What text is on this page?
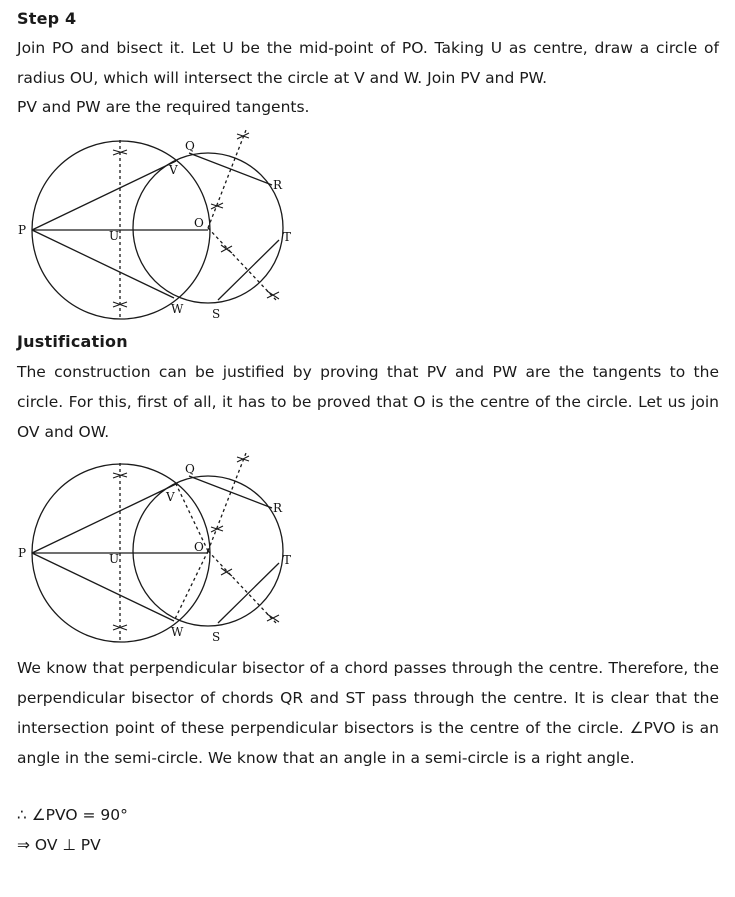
Step 4
Join PO and bisect it. Let U be the mid-point of PO. Taking U as centre, draw a circle of radius OU, which will intersect the circle at V and W. Join PV and PW.
PV and PW are the required tangents.
P	U
V
Q
R
O
T
W S
Justification
The construction can be justified by proving that PV and PW are the tangents to the circle. For this, first of all, it has to be proved that O is the centre of the circle. Let us join OV and OW.
P	U
V
Q
R
O
T
W S
We know that perpendicular bisector of a chord passes through the centre. Therefore, the perpendicular bisector of chords QR and ST pass through the centre. It is clear that the intersection point of these perpendicular bisectors is the centre of the circle. ∠PVO is an angle in the semi-circle. We know that an angle in a semi-circle is a right angle.
∴ ∠PVO = 90°
⇒ OV ⊥ PV
